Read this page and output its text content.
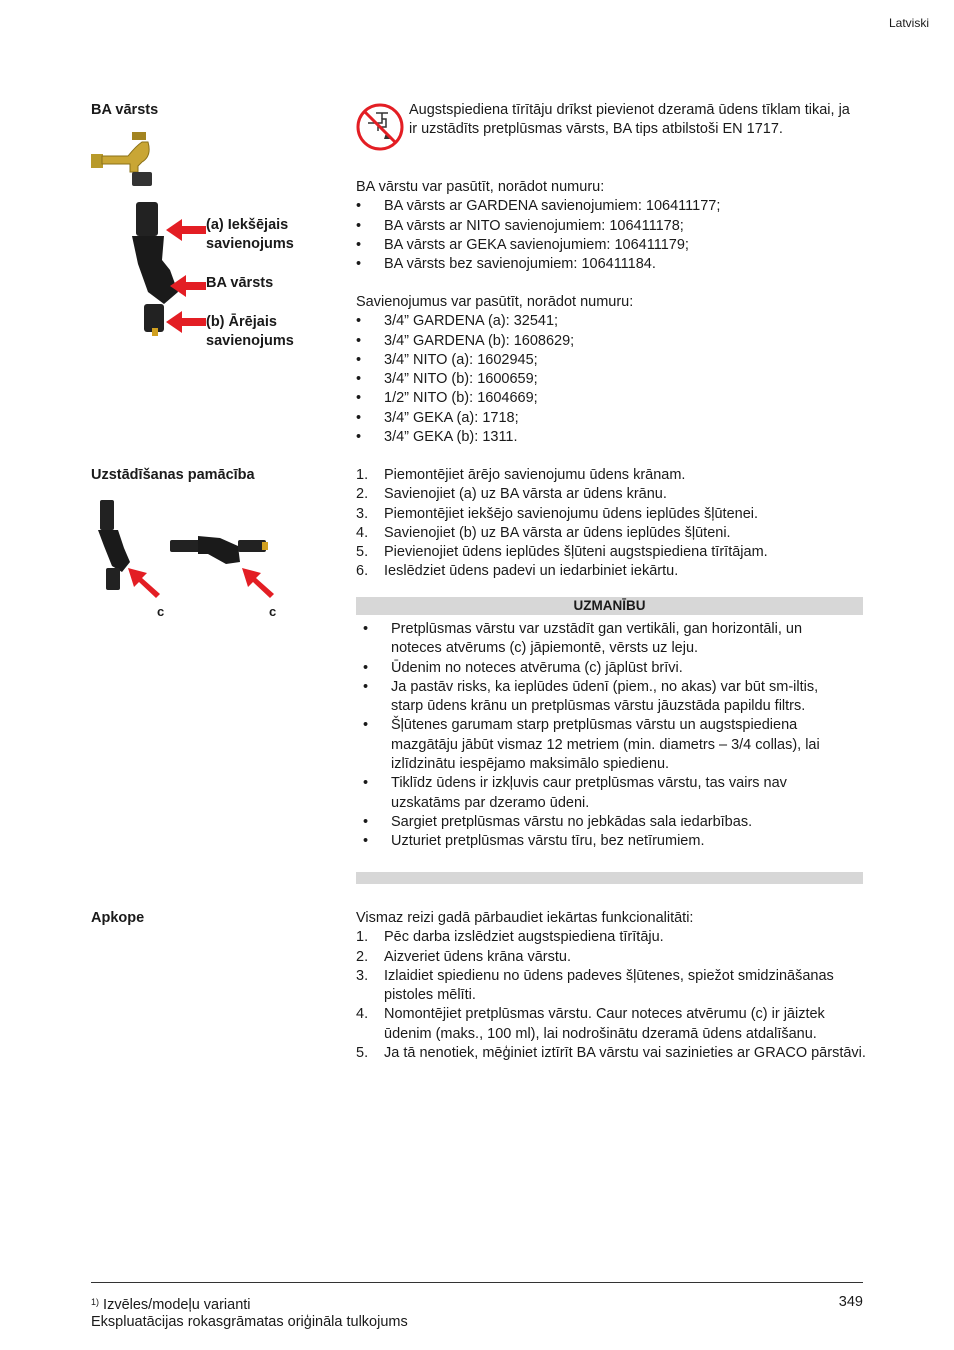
Latviski
BA vārsts
(a) Iekšējais
savienojums
BA vārsts
(b) Ārējais
savienojums
Augstspiediena tīrītāju drīkst pievienot dzeramā ūdens tīklam tikai, ja ir uzstādīts pretplūsmas vārsts, BA tips atbilstoši EN 1717.
BA vārstu var pasūtīt, norādot numuru:
• BA vārsts ar GARDENA savienojumiem: 106411177;
• BA vārsts ar NITO savienojumiem: 106411178;
• BA vārsts ar GEKA savienojumiem: 106411179;
• BA vārsts bez savienojumiem: 106411184.
Savienojumus var pasūtīt, norādot numuru:
• 3/4” GARDENA (a): 32541;
• 3/4” GARDENA (b): 1608629;
• 3/4” NITO (a): 1602945;
• 3/4” NITO (b): 1600659;
• 1/2” NITO (b): 1604669;
• 3/4” GEKA (a): 1718;
• 3/4” GEKA (b): 1311.
Uzstādīšanas pamācība
c	c
1. Piemontējiet ārējo savienojumu ūdens krānam.
2. Savienojiet (a) uz BA vārsta ar ūdens krānu.
3. Piemontējiet iekšējo savienojumu ūdens ieplūdes šļūtenei.
4. Savienojiet (b) uz BA vārsta ar ūdens ieplūdes šļūteni.
5. Pievienojiet ūdens ieplūdes šļūteni augstspiediena tīrītājam.
6. Ieslēdziet ūdens padevi un iedarbiniet iekārtu.
UZMANĪBU
• Pretplūsmas vārstu var uzstādīt gan vertikāli, gan horizontāli, un noteces atvērums (c) jāpiemontē, vērsts uz leju.
• Ūdenim no noteces atvēruma (c) jāplūst brīvi.
• Ja pastāv risks, ka ieplūdes ūdenī (piem., no akas) var būt sm-iltis, starp ūdens krānu un pretplūsmas vārstu jāuzstāda papildu filtrs.
• Šļūtenes garumam starp pretplūsmas vārstu un augstspiediena mazgātāju jābūt vismaz 12 metriem (min. diametrs – 3/4 collas), lai izlīdzinātu iespējamo maksimālo spiedienu.
• Tiklīdz ūdens ir izkļuvis caur pretplūsmas vārstu, tas vairs nav uzskatāms par dzeramo ūdeni.
• Sargiet pretplūsmas vārstu no jebkādas sala iedarbības.
• Uzturiet pretplūsmas vārstu tīru, bez netīrumiem.
Apkope	Vismaz reizi gadā pārbaudiet iekārtas funkcionalitāti:
1. Pēc darba izslēdziet augstspiediena tīrītāju.
2. Aizveriet ūdens krāna vārstu.
3. Izlaidiet spiedienu no ūdens padeves šļūtenes, spiežot smidzināšanas pistoles mēlīti.
4. Nomontējiet pretplūsmas vārstu. Caur noteces atvērumu (c) ir jāiztek ūdenim (maks., 100 ml), lai nodrošinātu dzeramā ūdens atdalīšanu.
5. Ja tā nenotiek, mēģiniet iztīrīt BA vārstu vai sazinieties ar GRACO pārstāvi.
$^{1)}$ Izvēles/modeļu varianti	349
Ekspluatācijas rokasgrāmatas oriģināla tulkojums
